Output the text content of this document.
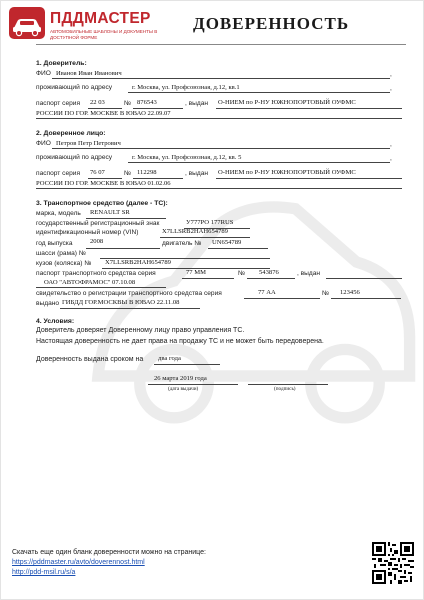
ПДДМАСТЕР
АВТОМОБИЛЬНЫЕ ШАБЛОНЫ И ДОКУМЕНТЫ В ДОСТУПНОЙ ФОРМЕ
ДОВЕРЕННОСТЬ
1. Доверитель:
ФИО Иванов Иван Иванович	,
проживающий по адресу	г. Москва, ул. Профсоюзная, д.12, кв.1	,
паспорт серия 22 03	№ 876543	, выдан О-НИЕМ по Р-НУ ЮЖНОПОРТОВЫЙ ОУФМС
РОССИИ ПО ГОР. МОСКВЕ В ЮВАО 22.09.07
2. Доверенное лицо:
ФИО Петров Петр Петрович	,
проживающий по адресу	г. Москва, ул. Профсоюзная, д.12, кв. 5	,
паспорт серия 76 07	№ 112298	, выдан О-НИЕМ по Р-НУ ЮЖНОПОРТОВЫЙ ОУФМС
РОССИИ ПО ГОР. МОСКВЕ В ЮВАО 01.02.06
3. Транспортное средство (далее - ТС):
марка, модель RENAULT SR
государственный регистрационный знак	У777РО 177RUS
идентификационный номер (VIN)	X7LLSRB2HAH654789
год выпуска	2008	двигатель № UN654789
шасси (рама) №
кузов (коляска) № X7LLSRB2HAH654789
паспорт транспортного средства серия	77 ММ	№ 543876	, выдан
ОАО "АВТОФРАМОС" 07.10.08
свидетельство о регистрации транспортного средства серия	77 АА	№ 123456
выдано ГИБДД ГОР.МОСКВЫ В ЮВАО 22.11.08
4. Условия:
Доверитель доверяет Доверенному лицу право управления ТС.
Настоящая доверенность не дает права на продажу ТС и не может быть передоверена.
Доверенность выдана сроком на два года
26 марта 2019 года
(дата выдачи)	(подпись)
Скачать еще один бланк доверенности можно на странице:
https://pddmaster.ru/avto/doverennost.html
http://pdd-msil.ru/s/a
